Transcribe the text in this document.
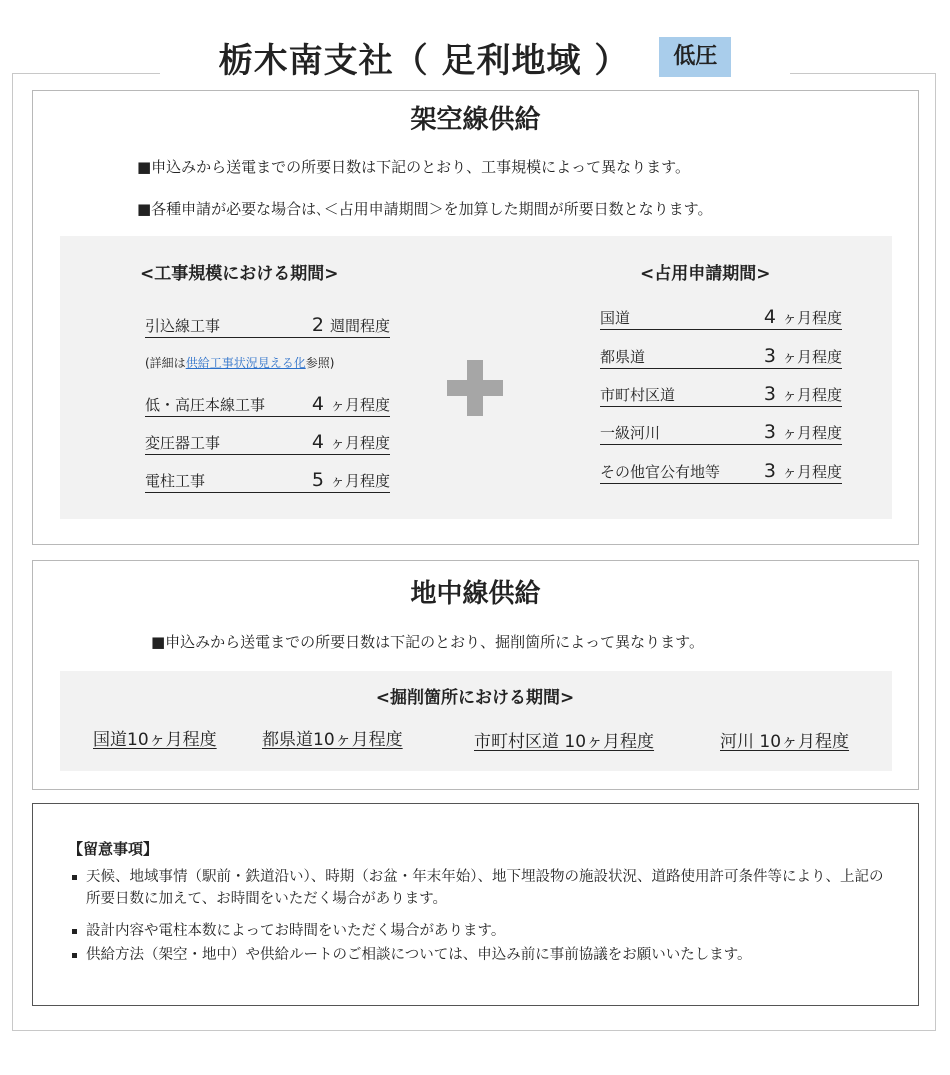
栃木南支社（ 足利地域 ）	低圧
架空線供給
■申込みから送電までの所要日数は下記のとおり、工事規模によって異なります。
■各種申請が必要な場合は､＜占用申請期間＞を加算した期間が所要日数となります。
<工事規模における期間>	<占用申請期間>
引込線工事	2 週間程度
(詳細は供給工事状況見える化参照)
低・高圧本線工事	4 ヶ月程度
変圧器工事	4 ヶ月程度
電柱工事	5 ヶ月程度
国道	4 ヶ月程度
都県道	3 ヶ月程度
市町村区道	3 ヶ月程度
一級河川	3 ヶ月程度
その他官公有地等	3 ヶ月程度
地中線供給
■申込みから送電までの所要日数は下記のとおり、掘削箇所によって異なります。
<掘削箇所における期間>
国道10ヶ月程度	都県道10ヶ月程度	市町村区道 10ヶ月程度	河川 10ヶ月程度
【留意事項】
天候、地域事情（駅前・鉄道沿い）、時期（お盆・年末年始）、地下埋設物の施設状況、道路使用許可条件等により、上記の所要日数に加えて、お時間をいただく場合があります。
設計内容や電柱本数によってお時間をいただく場合があります。
供給方法（架空・地中）や供給ルートのご相談については、申込み前に事前協議をお願いいたします。
